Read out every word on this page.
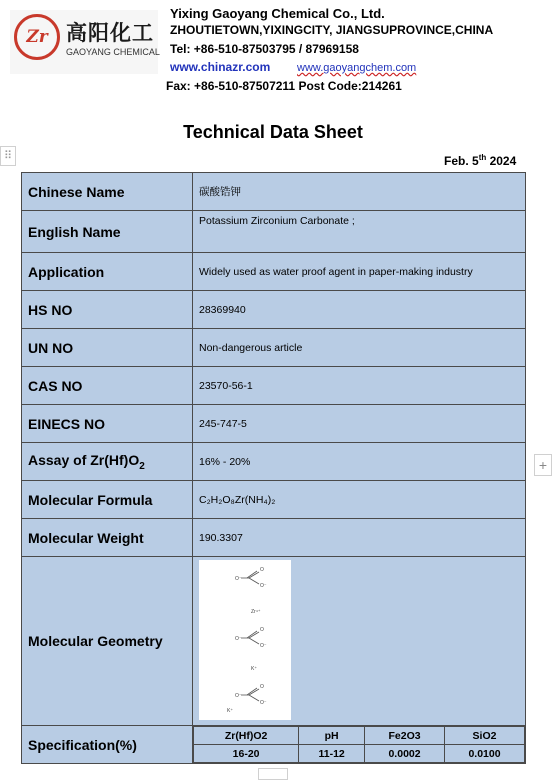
Zr 高阳化工
GAOYANG CHEMICAL
Yixing Gaoyang Chemical Co., Ltd.
ZHOUTIETOWN,YIXINGCITY, JIANGSUPROVINCE,CHINA
Tel: +86-510-87503795 / 87969158
www.chinazr.com www.gaoyangchem.com
Fax: +86-510-87507211 Post Code:214261
Technical Data Sheet
Feb. 5th 2024
⠿
+
Chinese Name	碳酸锆钾
English Name	Potassium Zirconium Carbonate ;
Application	Widely used as water proof agent in paper-making industry
HS NO	28369940
UN NO	Non-dangerous article
CAS NO	23570-56-1
EINECS NO	245-747-5
Assay of $Zr(Hf)O_2$	16% - 20%
Molecular Formula	C₂H₂O₈Zr(NH₄)₂
Molecular Weight	190.3307
Molecular Geometry	
O⁻
O
O⁻
Zr⁴⁺
O⁻
O
O⁻
K⁺
O⁻
O
O⁻
K⁺

Specification(%)	
Zr(Hf)O2	pH	Fe2O3	SiO2
16-20	11-12	0.0002	0.0100
